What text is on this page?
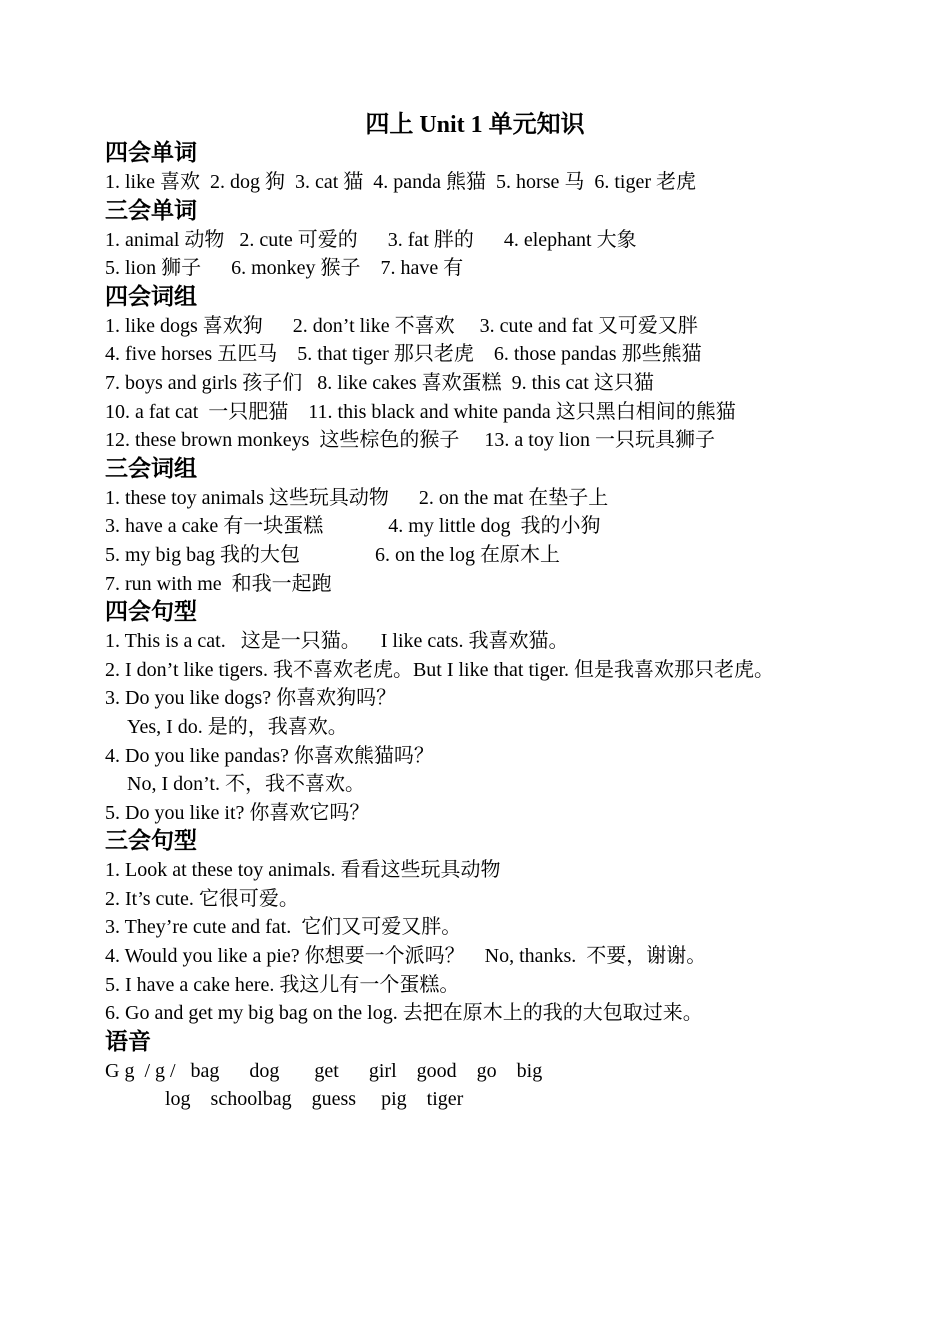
四上 Unit 1 单元知识
四会单词
1. like 喜欢  2. dog 狗  3. cat 猫  4. panda 熊猫  5. horse 马  6. tiger 老虎
三会单词
1. animal 动物   2. cute 可爱的      3. fat 胖的      4. elephant 大象
5. lion 狮子      6. monkey 猴子    7. have 有
四会词组
1. like dogs 喜欢狗      2. don’t like 不喜欢     3. cute and fat 又可爱又胖
4. five horses 五匹马    5. that tiger 那只老虎    6. those pandas 那些熊猫
7. boys and girls 孩子们   8. like cakes 喜欢蛋糕  9. this cat 这只猫
10. a fat cat  一只肥猫    11. this black and white panda 这只黑白相间的熊猫
12. these brown monkeys  这些棕色的猴子     13. a toy lion 一只玩具狮子
三会词组
1. these toy animals 这些玩具动物      2. on the mat 在垫子上
3. have a cake 有一块蛋糕             4. my little dog  我的小狗
5. my big bag 我的大包               6. on the log 在原木上
7. run with me  和我一起跑
四会句型
1. This is a cat.   这是一只猫。    I like cats. 我喜欢猫。
2. I don’t like tigers. 我不喜欢老虎。But I like that tiger. 但是我喜欢那只老虎。
3. Do you like dogs? 你喜欢狗吗？
Yes, I do. 是的，我喜欢。
4. Do you like pandas? 你喜欢熊猫吗？
No, I don’t. 不，我不喜欢。
5. Do you like it? 你喜欢它吗？
三会句型
1. Look at these toy animals. 看看这些玩具动物
2. It’s cute. 它很可爱。
3. They’re cute and fat.  它们又可爱又胖。
4. Would you like a pie? 你想要一个派吗？    No, thanks.  不要，谢谢。
5. I have a cake here. 我这儿有一个蛋糕。
6. Go and get my big bag on the log. 去把在原木上的我的大包取过来。
语音
G g  / g /   bag      dog       get      girl    good    go    big
log    schoolbag    guess     pig    tiger
